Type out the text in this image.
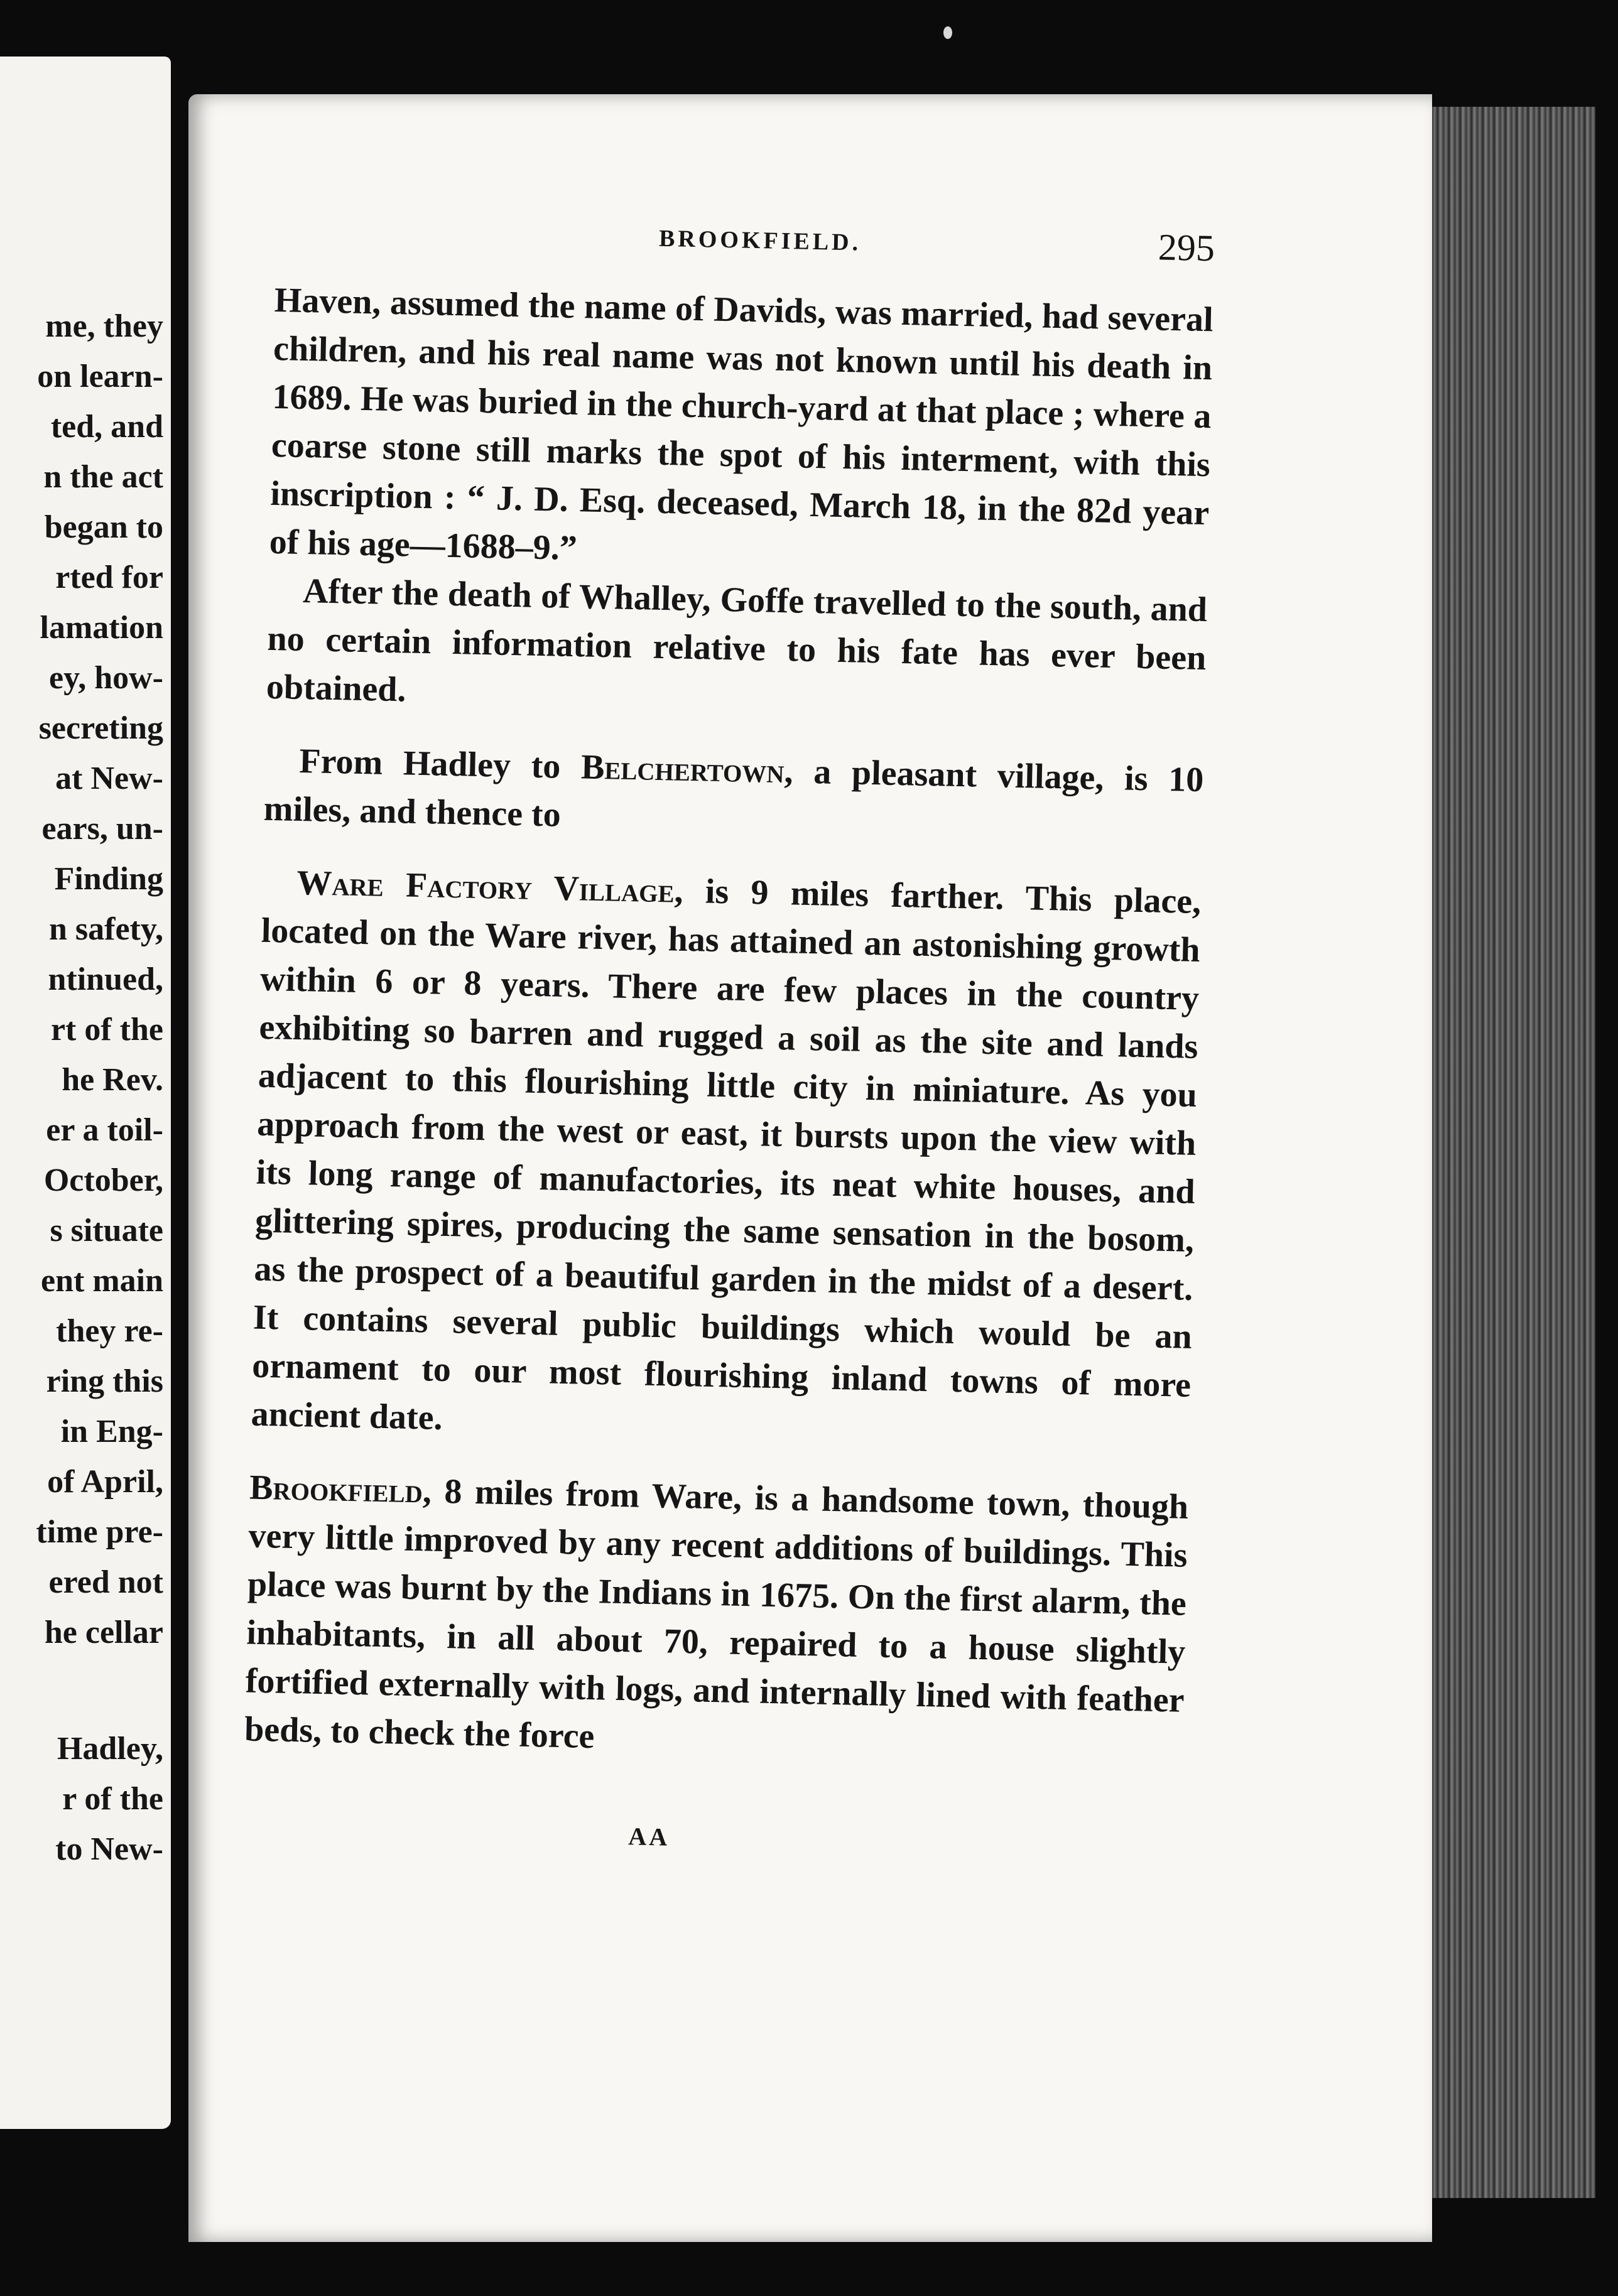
me, they
on learn-
ted, and
n the act
began to
rted for
lamation
ey, how-
secreting
at New-
ears, un-
Finding
n safety,
ntinued,
rt of the
he Rev.
er a toil-
October,
s situate
ent main
they re-
ring this
in Eng-
of April,
time pre-
ered not
he cellar
Hadley,
r of the
to New-
BROOKFIELD.	295

Haven, assumed the name of Davids, was married, had several children, and his real name was not known until his death in 1689. He was buried in the church-yard at that place ; where a coarse stone still marks the spot of his interment, with this inscription : “ J. D. Esq. deceased, March 18, in the 82d year of his age—1688–9.”

After the death of Whalley, Goffe travelled to the south, and no certain information relative to his fate has ever been obtained.

From Hadley to Belchertown, a pleasant village, is 10 miles, and thence to

Ware Factory Village, is 9 miles farther. This place, located on the Ware river, has attained an astonishing growth within 6 or 8 years. There are few places in the country exhibiting so barren and rugged a soil as the site and lands adjacent to this flourishing little city in miniature. As you approach from the west or east, it bursts upon the view with its long range of manufactories, its neat white houses, and glittering spires, producing the same sensation in the bosom, as the prospect of a beautiful garden in the midst of a desert. It contains several public buildings which would be an ornament to our most flourishing inland towns of more ancient date.

Brookfield, 8 miles from Ware, is a handsome town, though very little improved by any recent additions of buildings. This place was burnt by the Indians in 1675. On the first alarm, the inhabitants, in all about 70, repaired to a house slightly fortified externally with logs, and internally lined with feather beds, to check the force

AA
